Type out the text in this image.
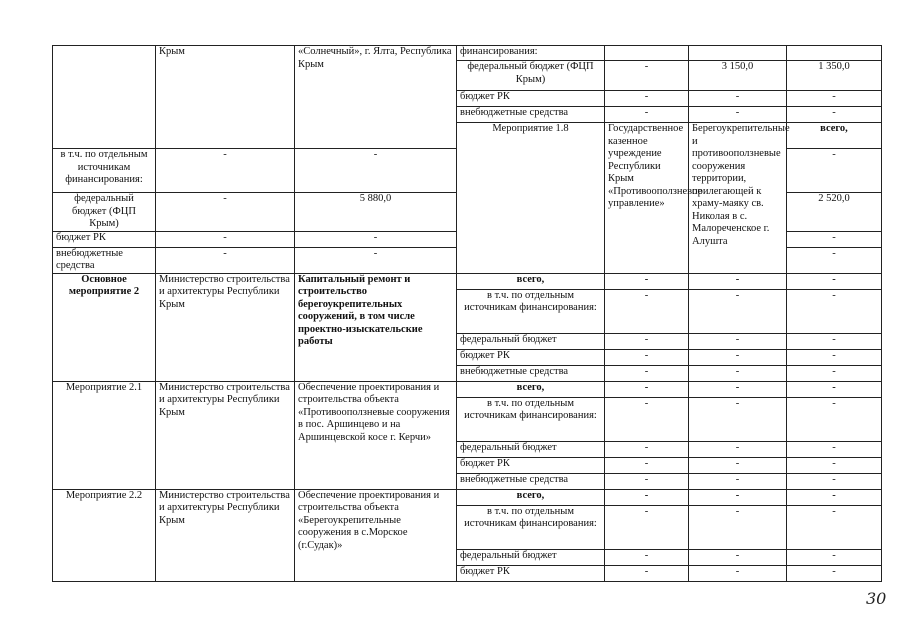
	Крым	«Солнечный», г. Ялта, Республика Крым	финансирования:				
			федеральный бюджет (ФЦП Крым)	-	3 150,0	1 350,0	
			бюджет РК	-	-	-	
			внебюджетные средства	-	-	-	
			Мероприятие 1.8	Государственное казенное учреждение Республики Крым «Противооползневое управление»	Берегоукрепительные и противооползневые сооружения территории, прилегающей к храму-маяку св. Николая в с. Малореченское г. Алушта	всего,			
в т.ч. по отдельным источникам финансирования:	-	-				-	
федеральный бюджет (ФЦП Крым)	-	5 880,0				2 520,0	
бюджет РК	-	-				-	
внебюджетные средства	-	-				-	
Основное мероприятие 2	Министерство строительства и архитектуры Республики Крым	Капитальный ремонт и строительство берегоукрепительных сооружений, в том числе проектно-изыскательские работы	всего,	-	-	-	
			в т.ч. по отдельным источникам финансирования:	-	-	-	
			федеральный бюджет	-	-	-	
			бюджет РК	-	-	-	
			внебюджетные средства	-	-	-	
Мероприятие 2.1	Министерство строительства и архитектуры Республики Крым	Обеспечение проектирования и строительства объекта «Противооползневые сооружения в пос. Аршинцево и на Аршинцевской косе г. Керчи»	всего,	-	-	-	
			в т.ч. по отдельным источникам финансирования:	-	-	-	
			федеральный бюджет	-	-	-	
			бюджет РК	-	-	-	
			внебюджетные средства	-	-	-	
Мероприятие 2.2	Министерство строительства и архитектуры Республики Крым	Обеспечение проектирования и строительства объекта «Берегоукрепительные сооружения в с.Морское (г.Судак)»	всего,	-	-	-	
			в т.ч. по отдельным источникам финансирования:	-	-	-	
			федеральный бюджет	-	-	-	
			бюджет РК	-	-	-	
30
